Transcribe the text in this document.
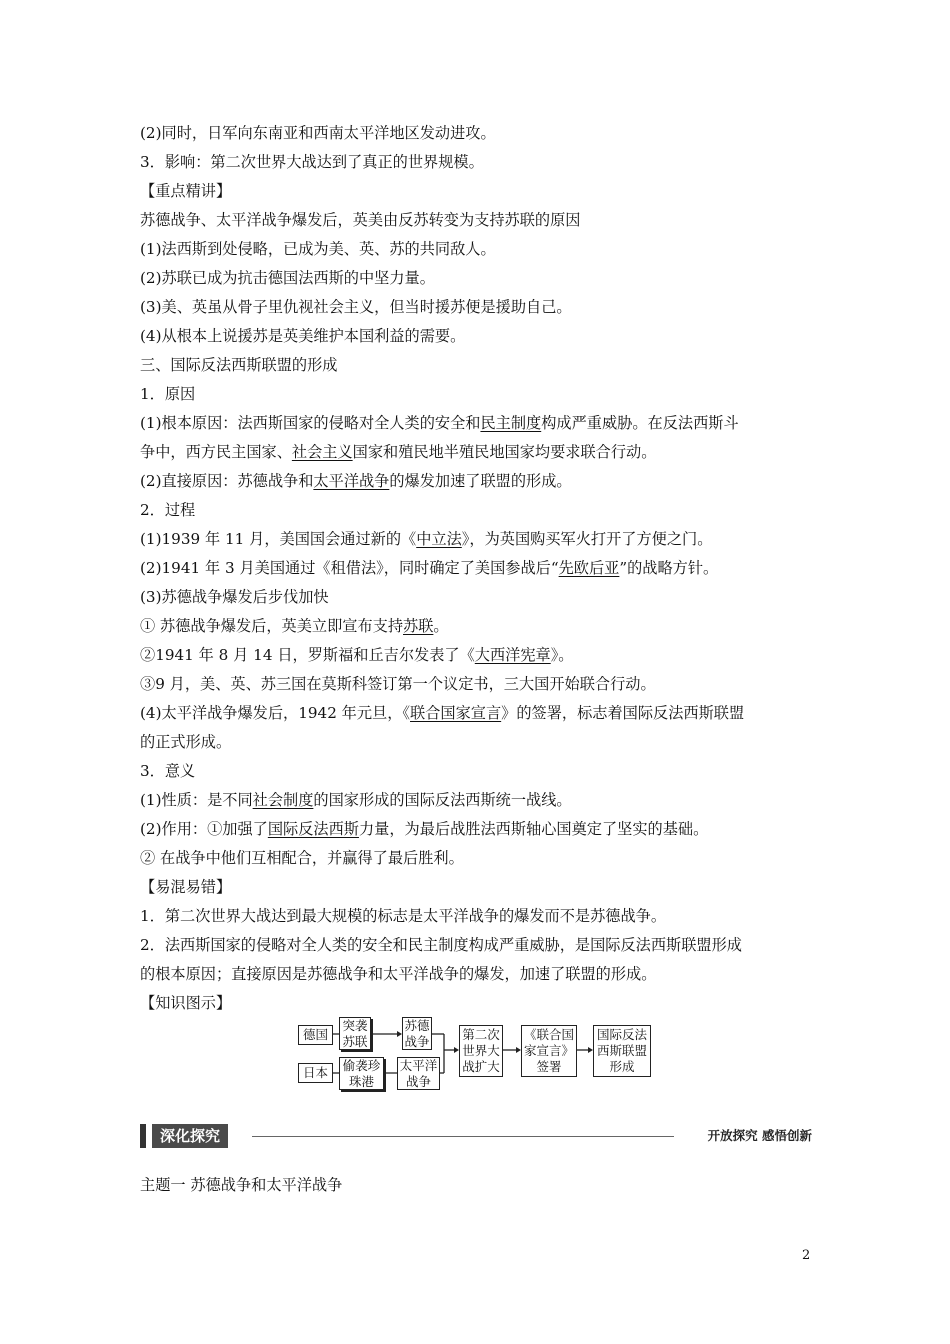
(2)同时，日军向东南亚和西南太平洋地区发动进攻。
3．影响：第二次世界大战达到了真正的世界规模。
【重点精讲】
苏德战争、太平洋战争爆发后，英美由反苏转变为支持苏联的原因
(1)法西斯到处侵略，已成为美、英、苏的共同敌人。
(2)苏联已成为抗击德国法西斯的中坚力量。
(3)美、英虽从骨子里仇视社会主义，但当时援苏便是援助自己。
(4)从根本上说援苏是英美维护本国利益的需要。
三、国际反法西斯联盟的形成
1．原因
(1)根本原因：法西斯国家的侵略对全人类的安全和民主制度构成严重威胁。在反法西斯斗
争中，西方民主国家、社会主义国家和殖民地半殖民地国家均要求联合行动。
(2)直接原因：苏德战争和太平洋战争的爆发加速了联盟的形成。
2．过程
(1)1939 年 11 月，美国国会通过新的《中立法》，为英国购买军火打开了方便之门。
(2)1941 年 3 月美国通过《租借法》，同时确定了美国参战后“先欧后亚”的战略方针。
(3)苏德战争爆发后步伐加快
① 苏德战争爆发后，英美立即宣布支持苏联。
②1941 年 8 月 14 日，罗斯福和丘吉尔发表了《大西洋宪章》。
③9 月，美、英、苏三国在莫斯科签订第一个议定书，三大国开始联合行动。
(4)太平洋战争爆发后，1942 年元旦，《联合国家宣言》的签署，标志着国际反法西斯联盟
的正式形成。
3．意义
(1)性质：是不同社会制度的国家形成的国际反法西斯统一战线。
(2)作用：①加强了国际反法西斯力量，为最后战胜法西斯轴心国奠定了坚实的基础。
② 在战争中他们互相配合，并赢得了最后胜利。
【易混易错】
1．第二次世界大战达到最大规模的标志是太平洋战争的爆发而不是苏德战争。
2．法西斯国家的侵略对全人类的安全和民主制度构成严重威胁，是国际反法西斯联盟形成
的根本原因；直接原因是苏德战争和太平洋战争的爆发，加速了联盟的形成。
【知识图示】
德国
日本
突袭
苏联
偷袭珍
珠港
苏德
战争
太平洋
战争
第二次
世界大
战扩大
《联合国
家宣言》
签署
国际反法
西斯联盟
形成
深化探究	开放探究 感悟创新
主题一 苏德战争和太平洋战争
2
